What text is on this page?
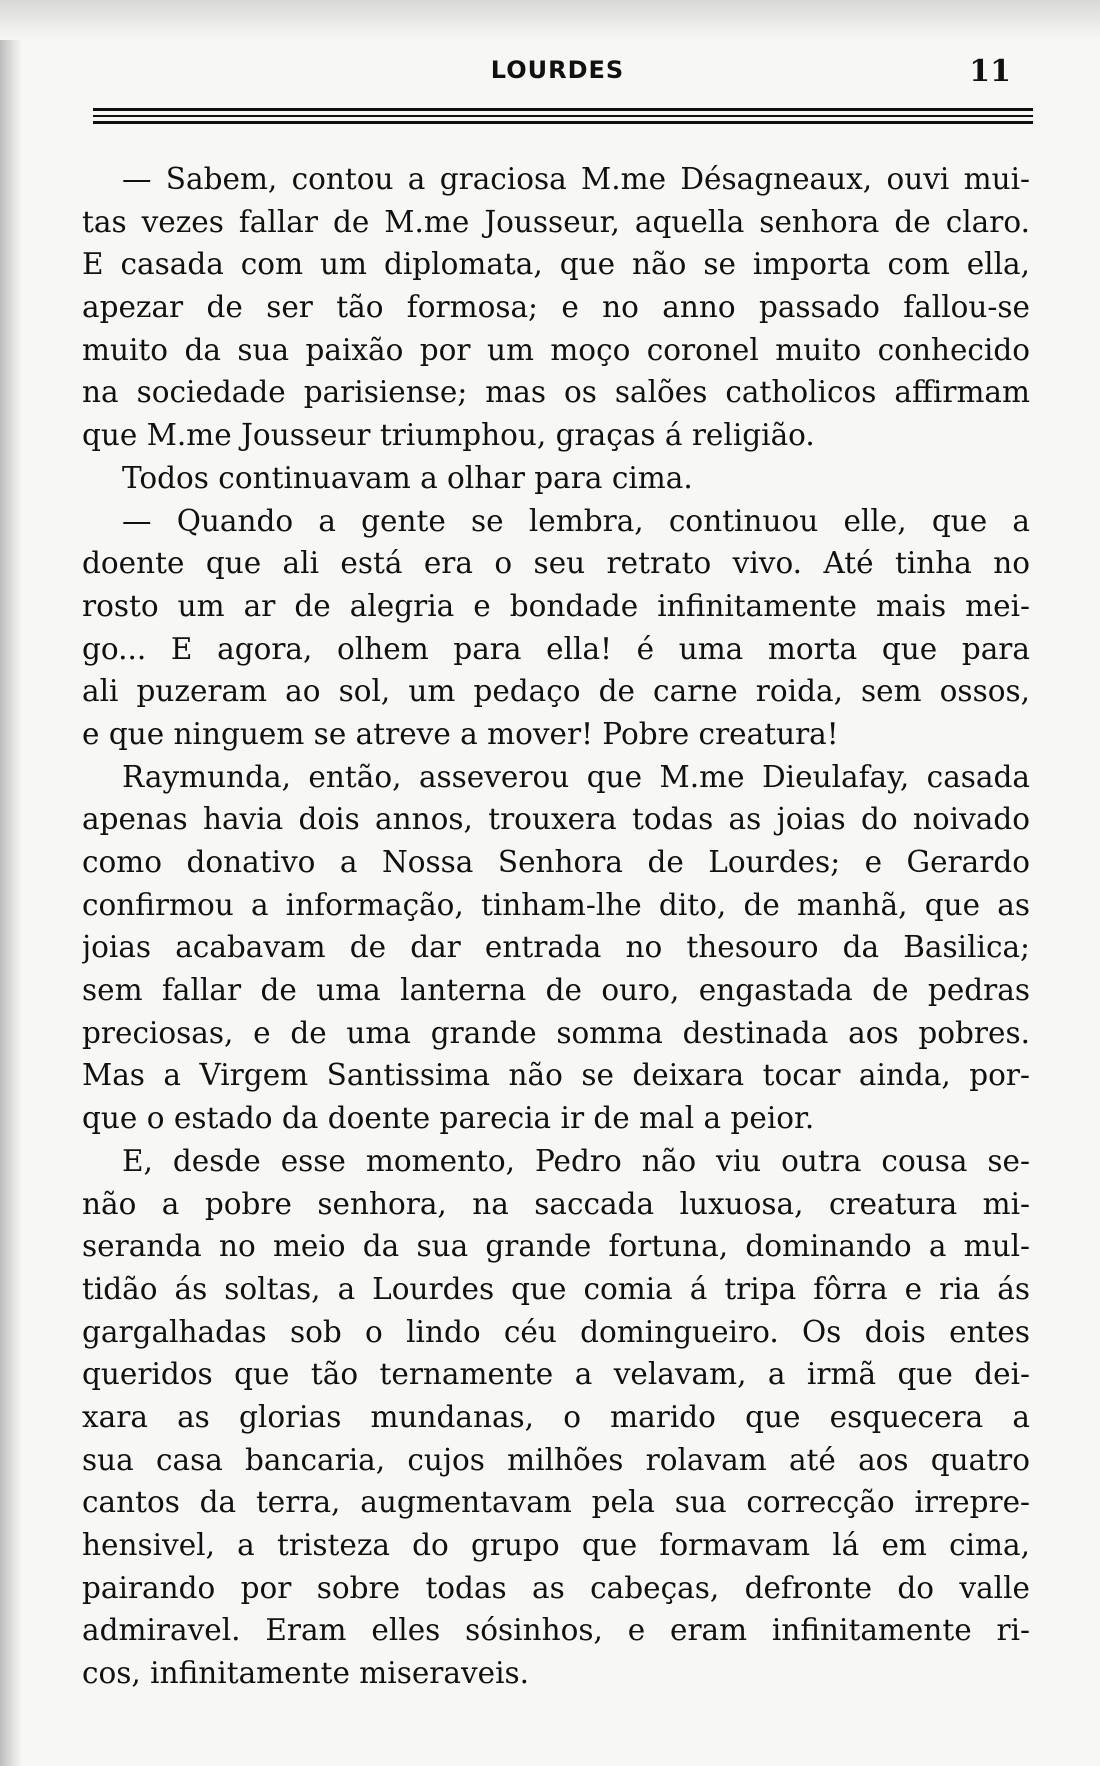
LOURDES	11
— Sabem, contou a graciosa M.me Désagneaux, ouvi mui-
tas vezes fallar de M.me Jousseur, aquella senhora de claro.
E casada com um diplomata, que não se importa com ella,
apezar de ser tão formosa; e no anno passado fallou-se
muito da sua paixão por um moço coronel muito conhecido
na sociedade parisiense; mas os salões catholicos affirmam
que M.me Jousseur triumphou, graças á religião.
Todos continuavam a olhar para cima.
— Quando a gente se lembra, continuou elle, que a
doente que ali está era o seu retrato vivo. Até tinha no
rosto um ar de alegria e bondade infinitamente mais mei-
go... E agora, olhem para ella! é uma morta que para
ali puzeram ao sol, um pedaço de carne roida, sem ossos,
e que ninguem se atreve a mover! Pobre creatura!
Raymunda, então, asseverou que M.me Dieulafay, casada
apenas havia dois annos, trouxera todas as joias do noivado
como donativo a Nossa Senhora de Lourdes; e Gerardo
confirmou a informação, tinham-lhe dito, de manhã, que as
joias acabavam de dar entrada no thesouro da Basilica;
sem fallar de uma lanterna de ouro, engastada de pedras
preciosas, e de uma grande somma destinada aos pobres.
Mas a Virgem Santissima não se deixara tocar ainda, por-
que o estado da doente parecia ir de mal a peior.
E, desde esse momento, Pedro não viu outra cousa se-
não a pobre senhora, na saccada luxuosa, creatura mi-
seranda no meio da sua grande fortuna, dominando a mul-
tidão ás soltas, a Lourdes que comia á tripa fôrra e ria ás
gargalhadas sob o lindo céu domingueiro. Os dois entes
queridos que tão ternamente a velavam, a irmã que dei-
xara as glorias mundanas, o marido que esquecera a
sua casa bancaria, cujos milhões rolavam até aos quatro
cantos da terra, augmentavam pela sua correcção irrepre-
hensivel, a tristeza do grupo que formavam lá em cima,
pairando por sobre todas as cabeças, defronte do valle
admiravel. Eram elles sósinhos, e eram infinitamente ri-
cos, infinitamente miseraveis.
